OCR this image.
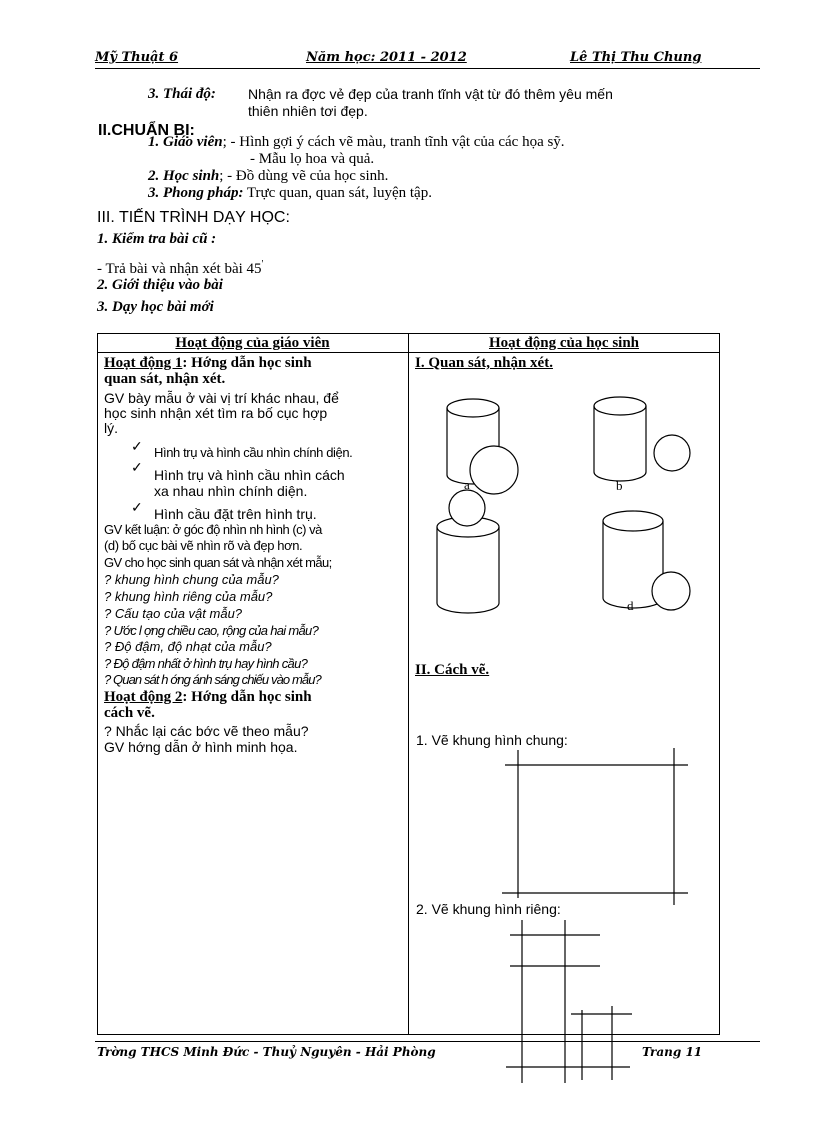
Mỹ Thuật 6	Năm học: 2011 - 2012	Lê Thị Thu Chung
3. Thái độ: Nhận ra đợc vẻ đẹp của tranh tĩnh vật từ đó thêm yêu mến
thiên nhiên tơi đẹp.
II.CHUẨN BỊ:
1. Giáo viên; - Hình gợi ý cách vẽ màu, tranh tĩnh vật của các họa sỹ.
- Mẫu lọ hoa và quả.
2. Học sinh; - Đồ dùng vẽ của học sinh.
3. Phong pháp: Trực quan, quan sát, luyện tập.
III. TIẾN TRÌNH DẠY HỌC:
1. Kiểm tra bài cũ :
- Trả bài và nhận xét bài 45'
2. Giới thiệu vào bài
3. Dạy học bài mới
Hoạt động của giáo viên	Hoạt động của học sinh
Hoạt động 1: Hớng dẫn học sinh
quan sát, nhận xét.
GV bày mẫu ở vài vị trí khác nhau, để
học sinh nhận xét tìm ra bố cục hợp
lý.
✓ Hình trụ và hình cầu nhìn chính diện.
✓ Hình trụ và hình cầu nhìn cách
xa nhau nhìn chính diện.
✓ Hình cầu đặt trên hình trụ.
GV kết luận: ở góc độ nhìn nh hình (c) và
(d) bố cục bài vẽ nhìn rõ và đẹp hơn.
GV cho học sinh quan sát và nhận xét mẫu;
? khung hình chung của mẫu?
? khung hình riêng của mẫu?
? Cấu tạo của vật mẫu?
? Ước l ợng chiều cao, rộng của hai mẫu?
? Độ đậm, độ nhạt của mẫu?
? Độ đậm nhất ở hình trụ hay hình cầu?
? Quan sát h ớng ánh sáng chiếu vào mẫu?
Hoạt động 2: Hớng dẫn học sinh
cách vẽ.
? Nhắc lại các bớc vẽ theo mẫu?
GV hớng dẫn ở hình minh họa.
I. Quan sát, nhận xét.
a	b
d
II. Cách vẽ.
1. Vẽ khung hình chung:
2. Vẽ khung hình riêng:
Trờng THCS Minh Đức - Thuỷ Nguyên - Hải Phòng	Trang 11
